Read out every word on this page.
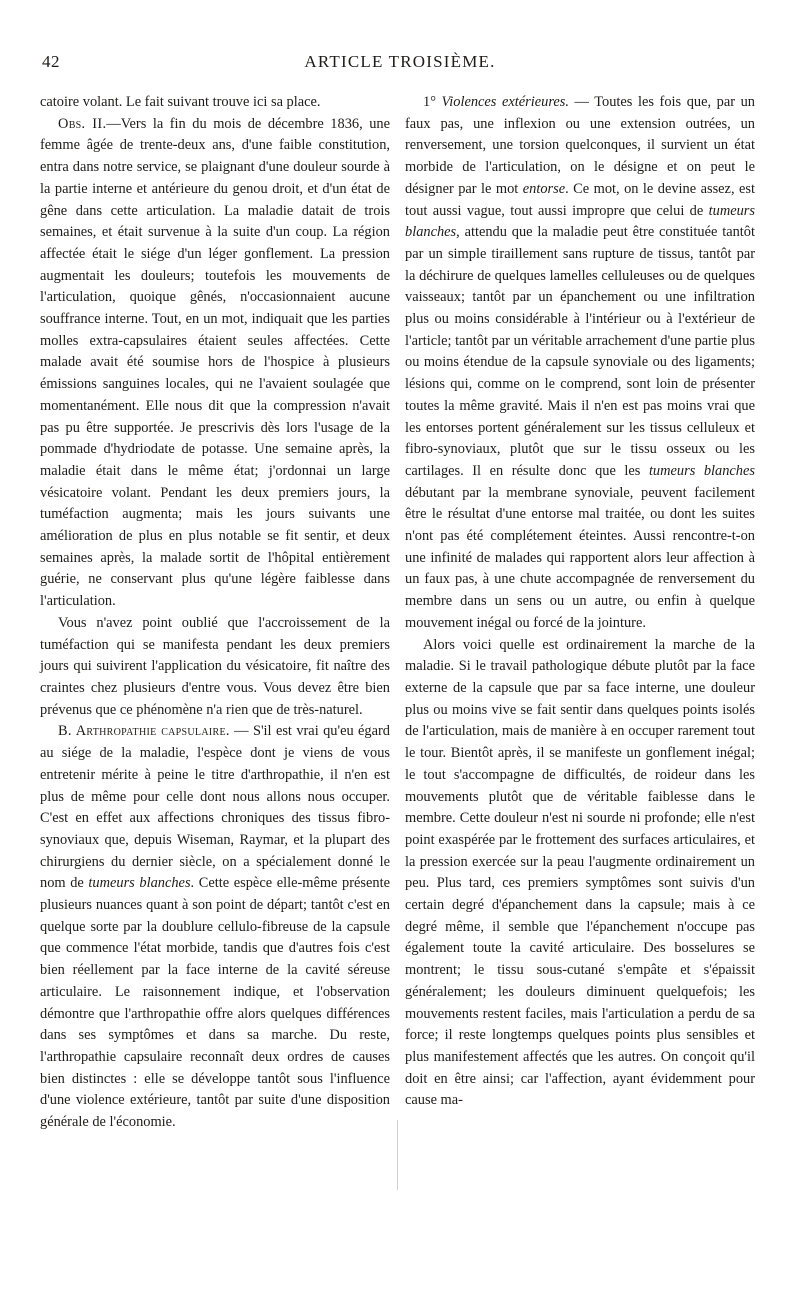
42	ARTICLE TROISIÈME.

catoire volant. Le fait suivant trouve ici sa place.

Obs. II.—Vers la fin du mois de décembre 1836, une femme âgée de trente-deux ans, d'une faible constitution, entra dans notre service, se plaignant d'une douleur sourde à la partie interne et antérieure du genou droit, et d'un état de gêne dans cette articulation. La maladie datait de trois semaines, et était survenue à la suite d'un coup. La région affectée était le siége d'un léger gonflement. La pression augmentait les douleurs; toutefois les mouvements de l'articulation, quoique gênés, n'occasionnaient aucune souffrance interne. Tout, en un mot, indiquait que les parties molles extra-capsulaires étaient seules affectées. Cette malade avait été soumise hors de l'hospice à plusieurs émissions sanguines locales, qui ne l'avaient soulagée que momentanément. Elle nous dit que la compression n'avait pas pu être supportée. Je prescrivis dès lors l'usage de la pommade d'hydriodate de potasse. Une semaine après, la maladie était dans le même état; j'ordonnai un large vésicatoire volant. Pendant les deux premiers jours, la tuméfaction augmenta; mais les jours suivants une amélioration de plus en plus notable se fit sentir, et deux semaines après, la malade sortit de l'hôpital entièrement guérie, ne conservant plus qu'une légère faiblesse dans l'articulation.

Vous n'avez point oublié que l'accroissement de la tuméfaction qui se manifesta pendant les deux premiers jours qui suivirent l'application du vésicatoire, fit naître des craintes chez plusieurs d'entre vous. Vous devez être bien prévenus que ce phénomène n'a rien que de très-naturel.

B. Arthropathie capsulaire. — S'il est vrai qu'eu égard au siége de la maladie, l'espèce dont je viens de vous entretenir mérite à peine le titre d'arthropathie, il n'en est plus de même pour celle dont nous allons nous occuper. C'est en effet aux affections chroniques des tissus fibro-synoviaux que, depuis Wiseman, Raymar, et la plupart des chirurgiens du dernier siècle, on a spécialement donné le nom de tumeurs blanches. Cette espèce elle-même présente plusieurs nuances quant à son point de départ; tantôt c'est en quelque sorte par la doublure cellulo-fibreuse de la capsule que commence l'état morbide, tandis que d'autres fois c'est bien réellement par la face interne de la cavité séreuse articulaire. Le raisonnement indique, et l'observation démontre que l'arthropathie offre alors quelques différences dans ses symptômes et dans sa marche. Du reste, l'arthropathie capsulaire reconnaît deux ordres de causes bien distinctes : elle se développe tantôt sous l'influence d'une violence extérieure, tantôt par suite d'une disposition générale de l'économie.

1° Violences extérieures. — Toutes les fois que, par un faux pas, une inflexion ou une extension outrées, un renversement, une torsion quelconques, il survient un état morbide de l'articulation, on le désigne et on peut le désigner par le mot entorse. Ce mot, on le devine assez, est tout aussi vague, tout aussi impropre que celui de tumeurs blanches, attendu que la maladie peut être constituée tantôt par un simple tiraillement sans rupture de tissus, tantôt par la déchirure de quelques lamelles celluleuses ou de quelques vaisseaux; tantôt par un épanchement ou une infiltration plus ou moins considérable à l'intérieur ou à l'extérieur de l'article; tantôt par un véritable arrachement d'une partie plus ou moins étendue de la capsule synoviale ou des ligaments; lésions qui, comme on le comprend, sont loin de présenter toutes la même gravité. Mais il n'en est pas moins vrai que les entorses portent généralement sur les tissus celluleux et fibro-synoviaux, plutôt que sur le tissu osseux ou les cartilages. Il en résulte donc que les tumeurs blanches débutant par la membrane synoviale, peuvent facilement être le résultat d'une entorse mal traitée, ou dont les suites n'ont pas été complétement éteintes. Aussi rencontre-t-on une infinité de malades qui rapportent alors leur affection à un faux pas, à une chute accompagnée de renversement du membre dans un sens ou un autre, ou enfin à quelque mouvement inégal ou forcé de la jointure.

Alors voici quelle est ordinairement la marche de la maladie. Si le travail pathologique débute plutôt par la face externe de la capsule que par sa face interne, une douleur plus ou moins vive se fait sentir dans quelques points isolés de l'articulation, mais de manière à en occuper rarement tout le tour. Bientôt après, il se manifeste un gonflement inégal; le tout s'accompagne de difficultés, de roideur dans les mouvements plutôt que de véritable faiblesse dans le membre. Cette douleur n'est ni sourde ni profonde; elle n'est point exaspérée par le frottement des surfaces articulaires, et la pression exercée sur la peau l'augmente ordinairement un peu. Plus tard, ces premiers symptômes sont suivis d'un certain degré d'épanchement dans la capsule; mais à ce degré même, il semble que l'épanchement n'occupe pas également toute la cavité articulaire. Des bosselures se montrent; le tissu sous-cutané s'empâte et s'épaissit généralement; les douleurs diminuent quelquefois; les mouvements restent faciles, mais l'articulation a perdu de sa force; il reste longtemps quelques points plus sensibles et plus manifestement affectés que les autres. On conçoit qu'il doit en être ainsi; car l'affection, ayant évidemment pour cause ma-
